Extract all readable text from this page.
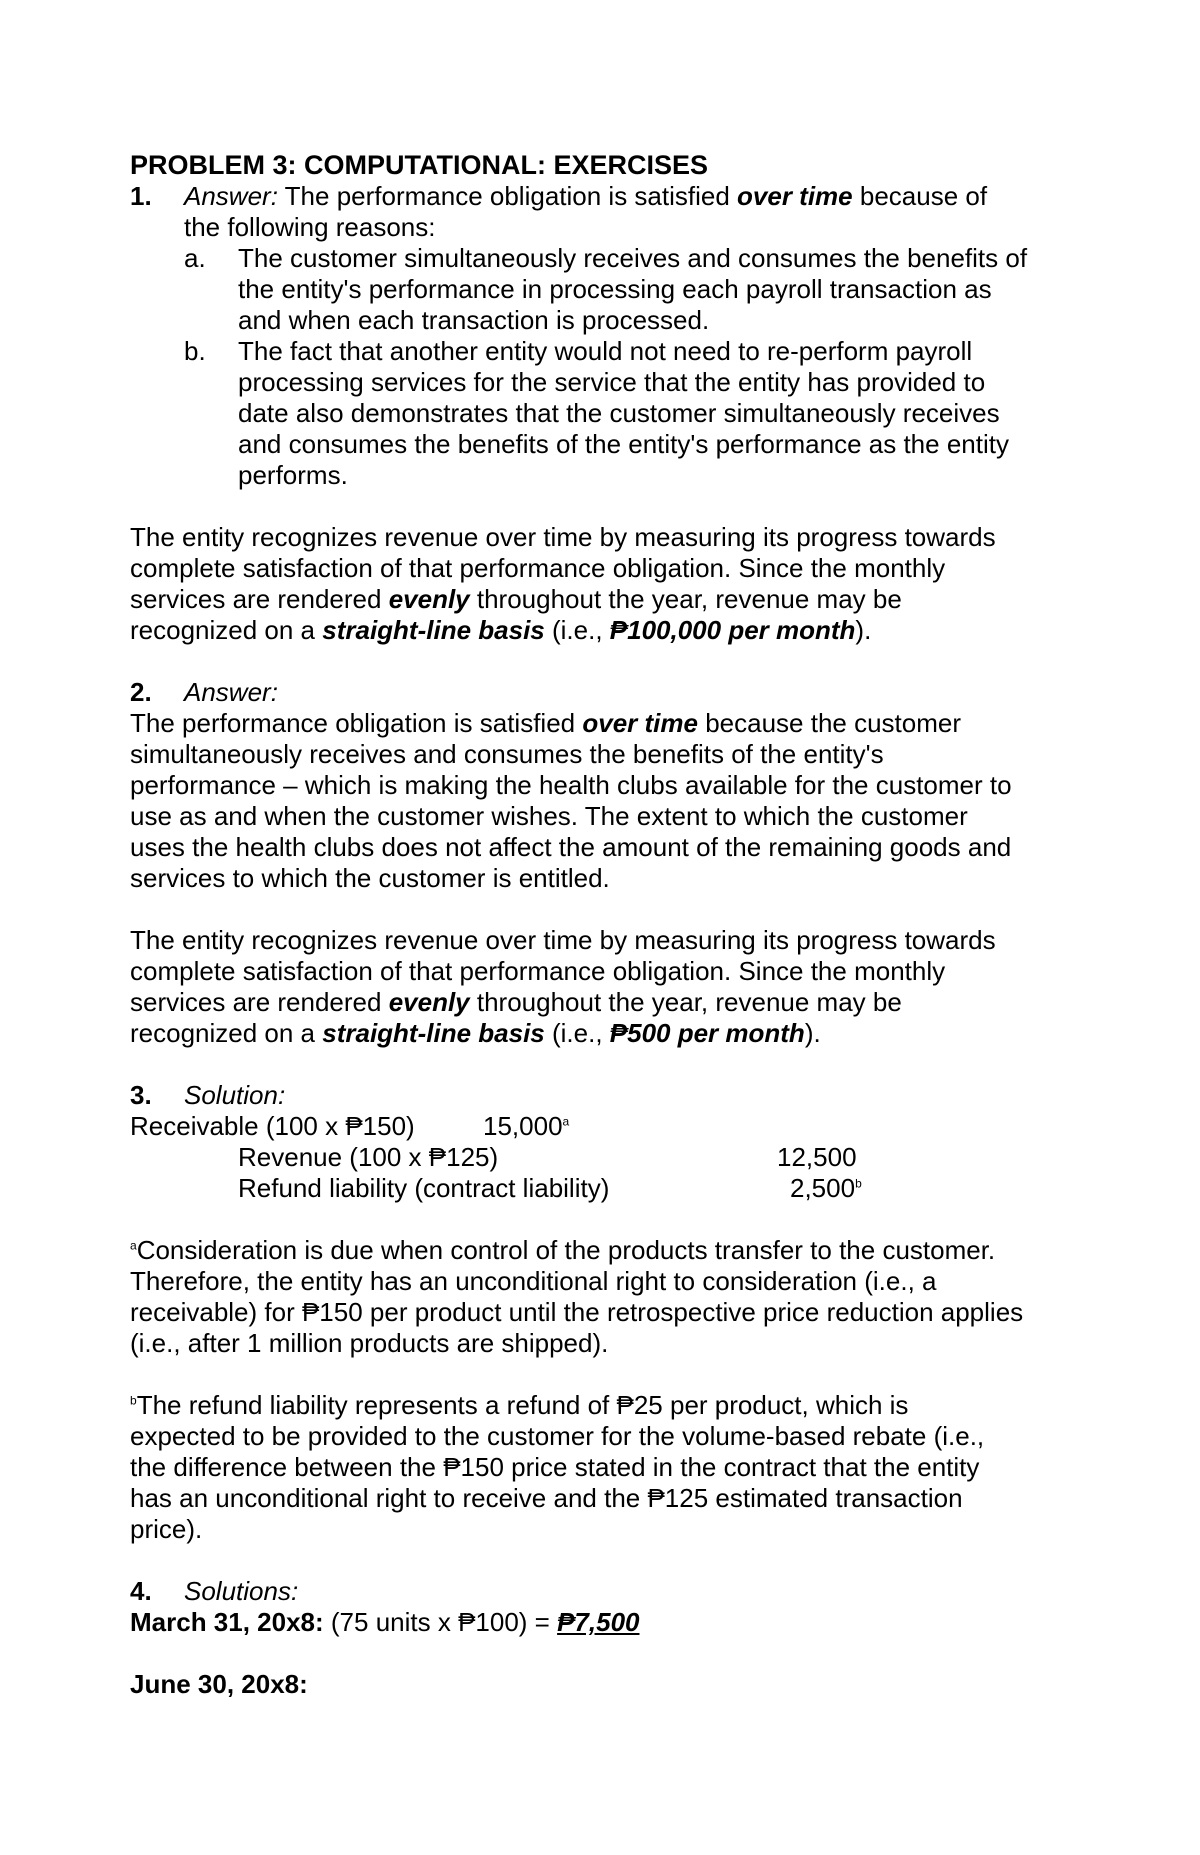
PROBLEM 3: COMPUTATIONAL: EXERCISES

1.	Answer: The performance obligation is satisfied over time because of

the following reasons:

a. The customer simultaneously receives and consumes the benefits of

the entity's performance in processing each payroll transaction as

and when each transaction is processed.

b. The fact that another entity would not need to re-perform payroll

processing services for the service that the entity has provided to

date also demonstrates that the customer simultaneously receives

and consumes the benefits of the entity's performance as the entity

performs.

The entity recognizes revenue over time by measuring its progress towards

complete satisfaction of that performance obligation. Since the monthly

services are rendered evenly throughout the year, revenue may be

recognized on a straight-line basis (i.e., ₱100,000 per month).

2.	Answer:

The performance obligation is satisfied over time because the customer

simultaneously receives and consumes the benefits of the entity's

performance – which is making the health clubs available for the customer to

use as and when the customer wishes. The extent to which the customer

uses the health clubs does not affect the amount of the remaining goods and

services to which the customer is entitled.

The entity recognizes revenue over time by measuring its progress towards

complete satisfaction of that performance obligation. Since the monthly

services are rendered evenly throughout the year, revenue may be

recognized on a straight-line basis (i.e., ₱500 per month).

3.	Solution:
Receivable (100 x ₱150)	15,000$^a$
Revenue (100 x ₱125)	12,500
Refund liability (contract liability)	2,500$^b$

$^a$Consideration is due when control of the products transfer to the customer.

Therefore, the entity has an unconditional right to consideration (i.e., a

receivable) for ₱150 per product until the retrospective price reduction applies

(i.e., after 1 million products are shipped).

$^b$The refund liability represents a refund of ₱25 per product, which is

expected to be provided to the customer for the volume-based rebate (i.e.,

the difference between the ₱150 price stated in the contract that the entity

has an unconditional right to receive and the ₱125 estimated transaction

price).

4.	Solutions:

March 31, 20x8: (75 units x ₱100) = ₱7,500

June 30, 20x8:
